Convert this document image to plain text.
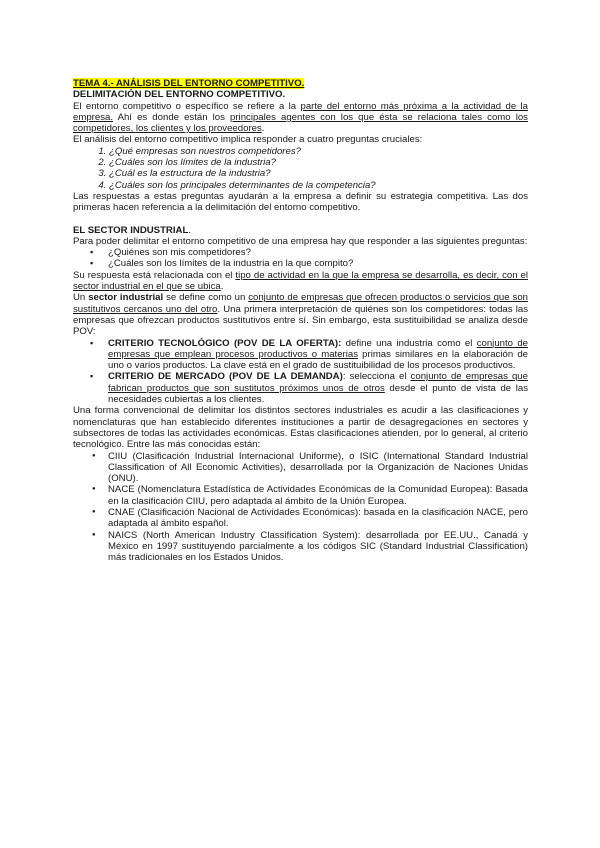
TEMA 4.- ANÁLISIS DEL ENTORNO COMPETITIVO.

DELIMITACIÓN DEL ENTORNO COMPETITIVO.

El entorno competitivo o específico se refiere a la parte del entorno más próxima a la actividad de la empresa. Ahí es donde están los principales agentes con los que ésta se relaciona tales como los competidores, los clientes y los proveedores.

El análisis del entorno competitivo implica responder a cuatro preguntas cruciales:

1. ¿Qué empresas son nuestros competidores?
2. ¿Cuáles son los límites de la industria?
3. ¿Cuál es la estructura de la industria?
4. ¿Cuáles son los principales determinantes de la competencia?

Las respuestas a estas preguntas ayudarán a la empresa a definir su estrategia competitiva. Las dos primeras hacen referencia a la delimitación del entorno competitivo.

EL SECTOR INDUSTRIAL.

Para poder delimitar el entorno competitivo de una empresa hay que responder a las siguientes preguntas:

▪ ¿Quiénes son mis competidores?
▪ ¿Cuáles son los límites de la industria en la que compito?

Su respuesta está relacionada con el tipo de actividad en la que la empresa se desarrolla, es decir, con el sector industrial en el que se ubica.

Un sector industrial se define como un conjunto de empresas que ofrecen productos o servicios que son sustitutivos cercanos uno del otro. Una primera interpretación de quiénes son los competidores: todas las empresas que ofrezcan productos sustitutivos entre sí. Sin embargo, esta sustituibilidad se analiza desde POV:

▪ CRITERIO TECNOLÓGICO (POV DE LA OFERTA): define una industria como el conjunto de empresas que emplean procesos productivos o materias primas similares en la elaboración de uno o varios productos. La clave está en el grado de sustituibilidad de los procesos productivos.
▪ CRITERIO DE MERCADO (POV DE LA DEMANDA): selecciona el conjunto de empresas que fabrican productos que son sustitutos próximos unos de otros desde el punto de vista de las necesidades cubiertas a los clientes.

Una forma convencional de delimitar los distintos sectores industriales es acudir a las clasificaciones y nomenclaturas que han establecido diferentes instituciones a partir de desagregaciones en sectores y subsectores de todas las actividades económicas. Estas clasificaciones atienden, por lo general, al criterio tecnológico. Entre las más conocidas están:

● CIIU (Clasificación Industrial Internacional Uniforme), o ISIC (International Standard Industrial Classification of All Economic Activities), desarrollada por la Organización de Naciones Unidas (ONU).
● NACE (Nomenclatura Estadística de Actividades Económicas de la Comunidad Europea): Basada en la clasificación CIIU, pero adaptada al ámbito de la Unión Europea.
● CNAE (Clasificación Nacional de Actividades Económicas): basada en la clasificación NACE, pero adaptada al ámbito español.
● NAICS (North American Industry Classification System): desarrollada por EE.UU., Canadá y México en 1997 sustituyendo parcialmente a los códigos SIC (Standard Industrial Classification) más tradicionales en los Estados Unidos.
